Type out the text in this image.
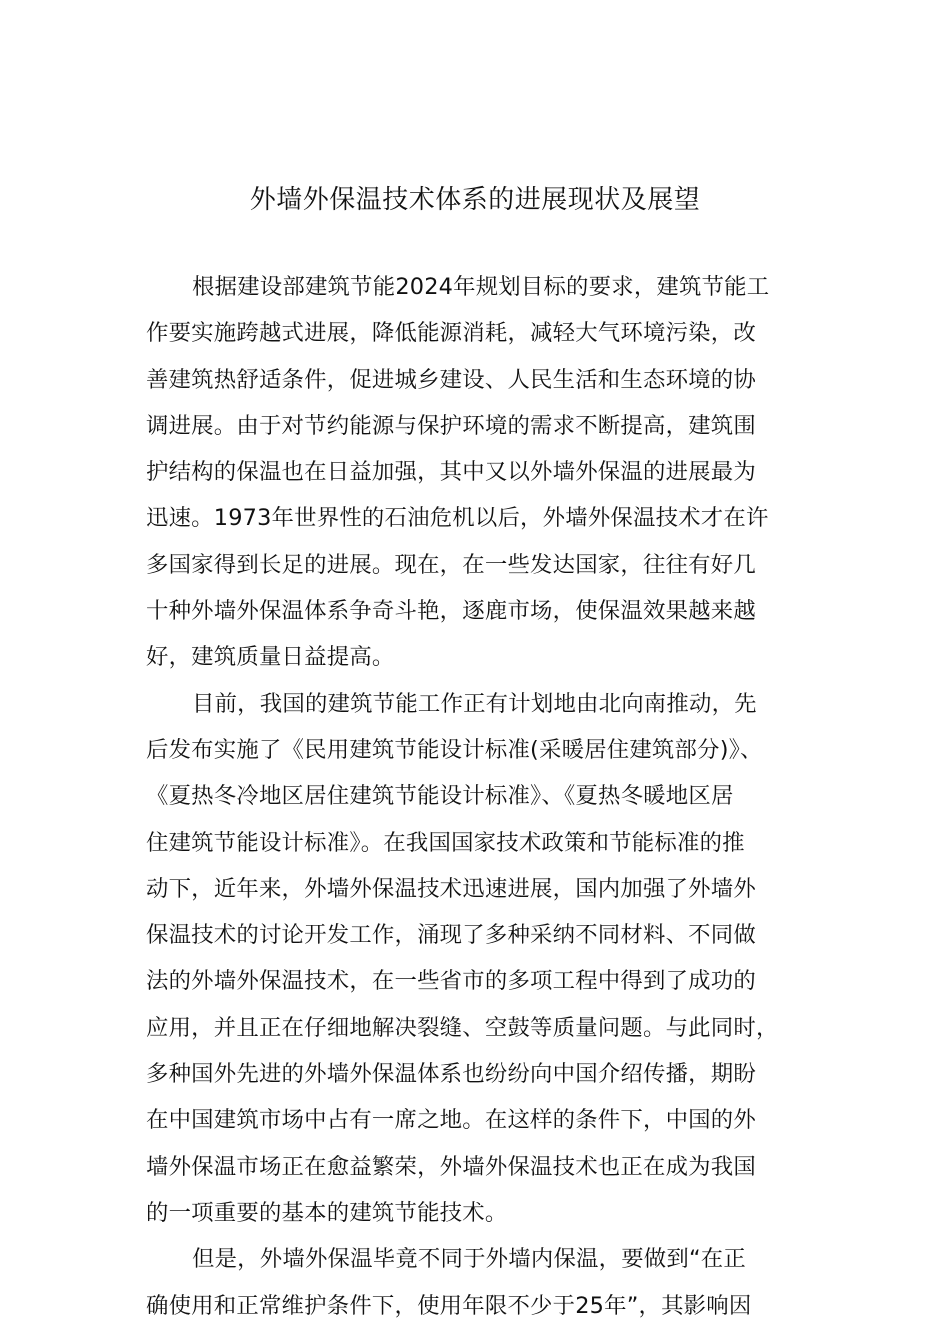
外墙外保温技术体系的进展现状及展望
根据建设部建筑节能2024年规划目标的要求，建筑节能工
作要实施跨越式进展，降低能源消耗，减轻大气环境污染，改
善建筑热舒适条件，促进城乡建设、人民生活和生态环境的协
调进展。由于对节约能源与保护环境的需求不断提高，建筑围
护结构的保温也在日益加强，其中又以外墙外保温的进展最为
迅速。1973年世界性的石油危机以后，外墙外保温技术才在许
多国家得到长足的进展。现在，在一些发达国家，往往有好几
十种外墙外保温体系争奇斗艳，逐鹿市场，使保温效果越来越
好，建筑质量日益提高。
目前，我国的建筑节能工作正有计划地由北向南推动，先
后发布实施了《民用建筑节能设计标准(采暖居住建筑部分)》、
《夏热冬冷地区居住建筑节能设计标准》、《夏热冬暖地区居
住建筑节能设计标准》。在我国国家技术政策和节能标准的推
动下，近年来，外墙外保温技术迅速进展，国内加强了外墙外
保温技术的讨论开发工作，涌现了多种采纳不同材料、不同做
法的外墙外保温技术，在一些省市的多项工程中得到了成功的
应用，并且正在仔细地解决裂缝、空鼓等质量问题。与此同时，
多种国外先进的外墙外保温体系也纷纷向中国介绍传播，期盼
在中国建筑市场中占有一席之地。在这样的条件下，中国的外
墙外保温市场正在愈益繁荣，外墙外保温技术也正在成为我国
的一项重要的基本的建筑节能技术。
但是，外墙外保温毕竟不同于外墙内保温，要做到“在正
确使用和正常维护条件下，使用年限不少于25年”，其影响因
